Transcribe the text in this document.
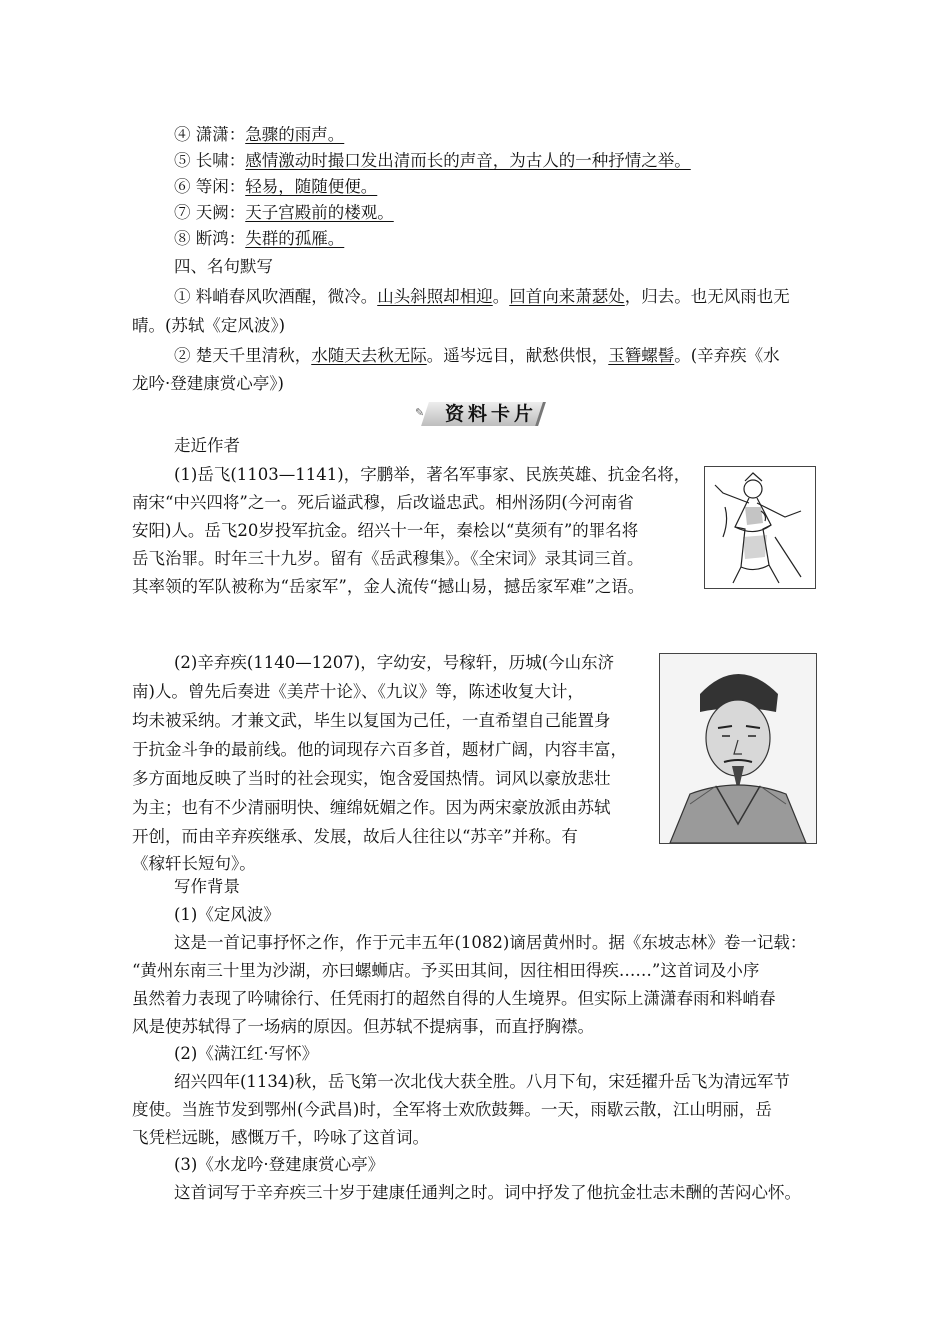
④ 潇潇：急骤的雨声。
⑤ 长啸：感情激动时撮口发出清而长的声音，为古人的一种抒情之举。
⑥ 等闲：轻易，随随便便。
⑦ 天阙：天子宫殿前的楼观。
⑧ 断鸿：失群的孤雁。
四、名句默写
① 料峭春风吹酒醒，微冷。山头斜照却相迎。回首向来萧瑟处，归去。也无风雨也无
晴。(苏轼《定风波》)
② 楚天千里清秋，水随天去秋无际。遥岑远目，献愁供恨，玉簪螺髻。(辛弃疾《水
龙吟·登建康赏心亭》)
✎ 资料卡片
走近作者
(1)岳飞(1103—1141)，字鹏举，著名军事家、民族英雄、抗金名将，
南宋“中兴四将”之一。死后谥武穆，后改谥忠武。相州汤阴(今河南省
安阳)人。岳飞20岁投军抗金。绍兴十一年，秦桧以“莫须有”的罪名将
岳飞治罪。时年三十九岁。留有《岳武穆集》。《全宋词》录其词三首。
其率领的军队被称为“岳家军”，金人流传“撼山易，撼岳家军难”之语。
(2)辛弃疾(1140—1207)，字幼安，号稼轩，历城(今山东济
南)人。曾先后奏进《美芹十论》、《九议》等，陈述收复大计，
均未被采纳。才兼文武，毕生以复国为己任，一直希望自己能置身
于抗金斗争的最前线。他的词现存六百多首，题材广阔，内容丰富，
多方面地反映了当时的社会现实，饱含爱国热情。词风以豪放悲壮
为主；也有不少清丽明快、缠绵妩媚之作。因为两宋豪放派由苏轼
开创，而由辛弃疾继承、发展，故后人往往以“苏辛”并称。有
《稼轩长短句》。
写作背景
(1)《定风波》
这是一首记事抒怀之作，作于元丰五年(1082)谪居黄州时。据《东坡志林》卷一记载：
“黄州东南三十里为沙湖，亦曰螺蛳店。予买田其间，因往相田得疾……”这首词及小序
虽然着力表现了吟啸徐行、任凭雨打的超然自得的人生境界。但实际上潇潇春雨和料峭春
风是使苏轼得了一场病的原因。但苏轼不提病事，而直抒胸襟。
(2)《满江红·写怀》
绍兴四年(1134)秋，岳飞第一次北伐大获全胜。八月下旬，宋廷擢升岳飞为清远军节
度使。当旌节发到鄂州(今武昌)时，全军将士欢欣鼓舞。一天，雨歇云散，江山明丽，岳
飞凭栏远眺，感慨万千，吟咏了这首词。
(3)《水龙吟·登建康赏心亭》
这首词写于辛弃疾三十岁于建康任通判之时。词中抒发了他抗金壮志未酬的苦闷心怀。
